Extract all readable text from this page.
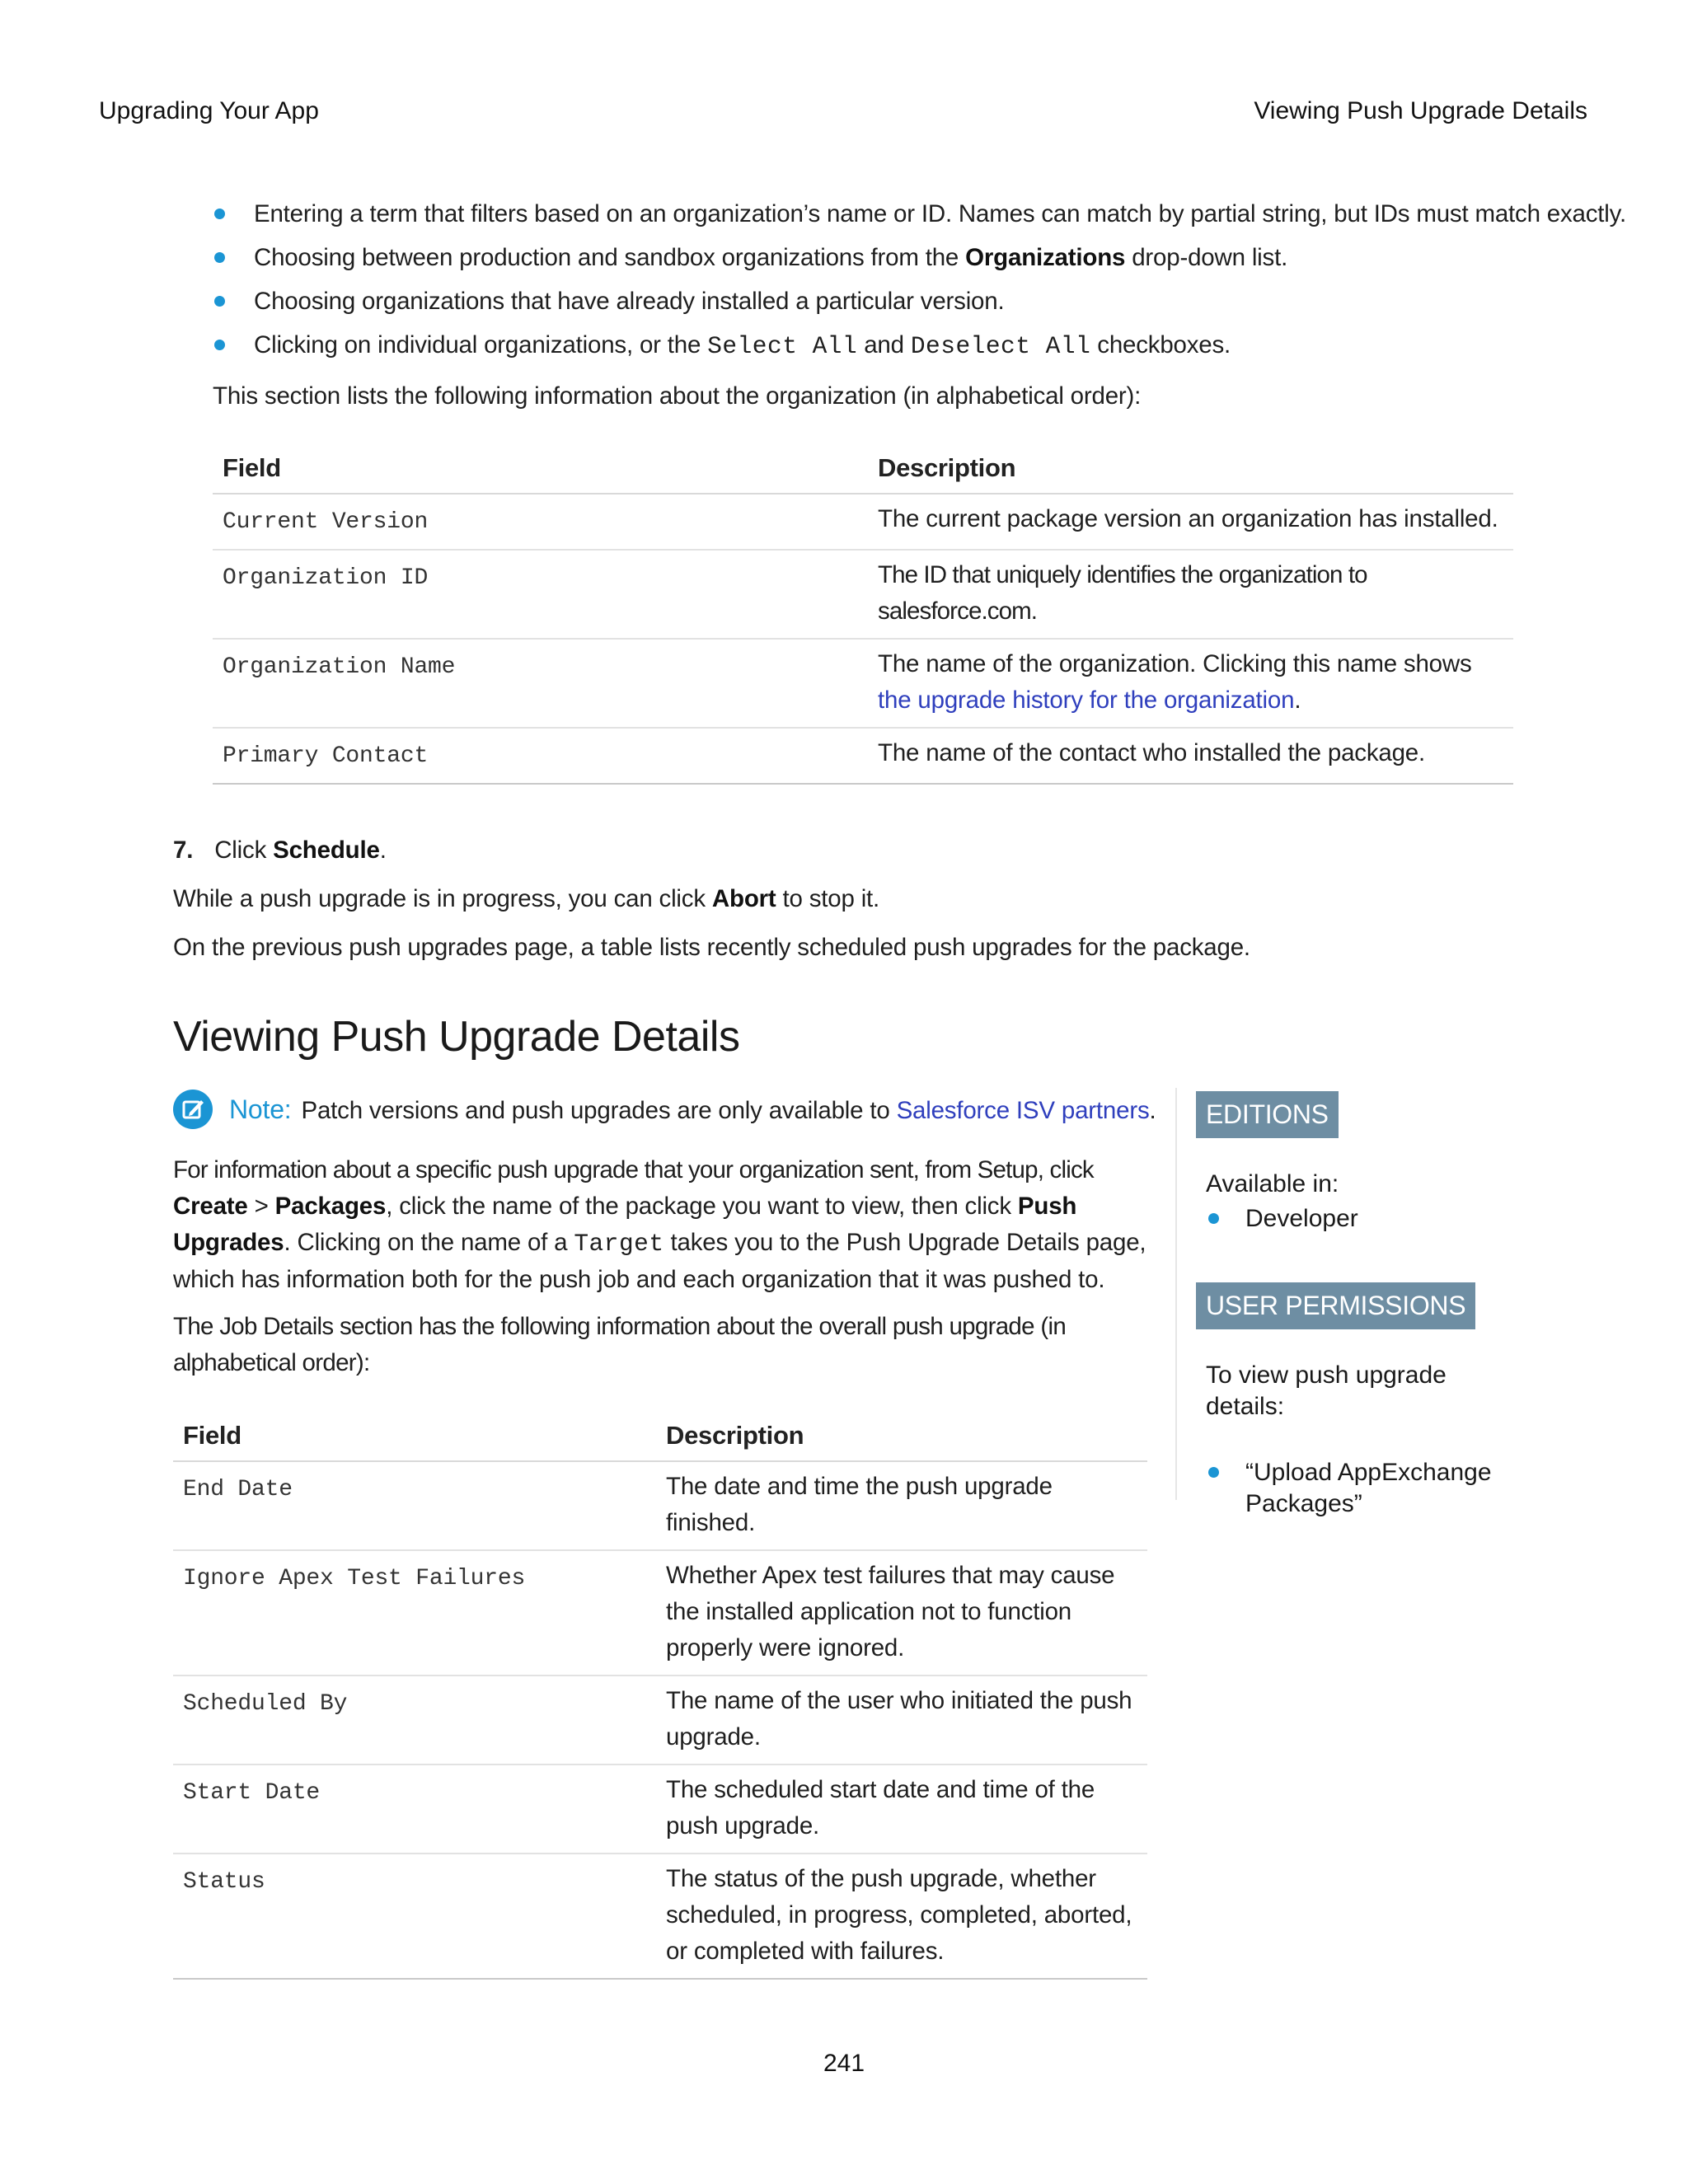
Upgrading Your App	Viewing Push Upgrade Details
Entering a term that filters based on an organization’s name or ID. Names can match by partial string, but IDs must match exactly.
Choosing between production and sandbox organizations from the Organizations drop-down list.
Choosing organizations that have already installed a particular version.
Clicking on individual organizations, or the Select All and Deselect All checkboxes.
This section lists the following information about the organization (in alphabetical order):
Field	Description
Current Version	The current package version an organization has installed.
Organization ID	The ID that uniquely identifies the organization to salesforce.com.
Organization Name	The name of the organization. Clicking this name shows the upgrade history for the organization.
Primary Contact	The name of the contact who installed the package.
7. Click Schedule.
While a push upgrade is in progress, you can click Abort to stop it.
On the previous push upgrades page, a table lists recently scheduled push upgrades for the package.
Viewing Push Upgrade Details
Note: Patch versions and push upgrades are only available to Salesforce ISV partners.
For information about a specific push upgrade that your organization sent, from Setup, click Create > Packages, click the name of the package you want to view, then click Push Upgrades. Clicking on the name of a Target takes you to the Push Upgrade Details page, which has information both for the push job and each organization that it was pushed to.
The Job Details section has the following information about the overall push upgrade (in alphabetical order):
Field	Description
End Date	The date and time the push upgrade finished.
Ignore Apex Test Failures	Whether Apex test failures that may cause the installed application not to function properly were ignored.
Scheduled By	The name of the user who initiated the push upgrade.
Start Date	The scheduled start date and time of the push upgrade.
Status	The status of the push upgrade, whether scheduled, in progress, completed, aborted, or completed with failures.
EDITIONS
Available in:
Developer
USER PERMISSIONS
To view push upgrade details:
“Upload AppExchange Packages”
241
